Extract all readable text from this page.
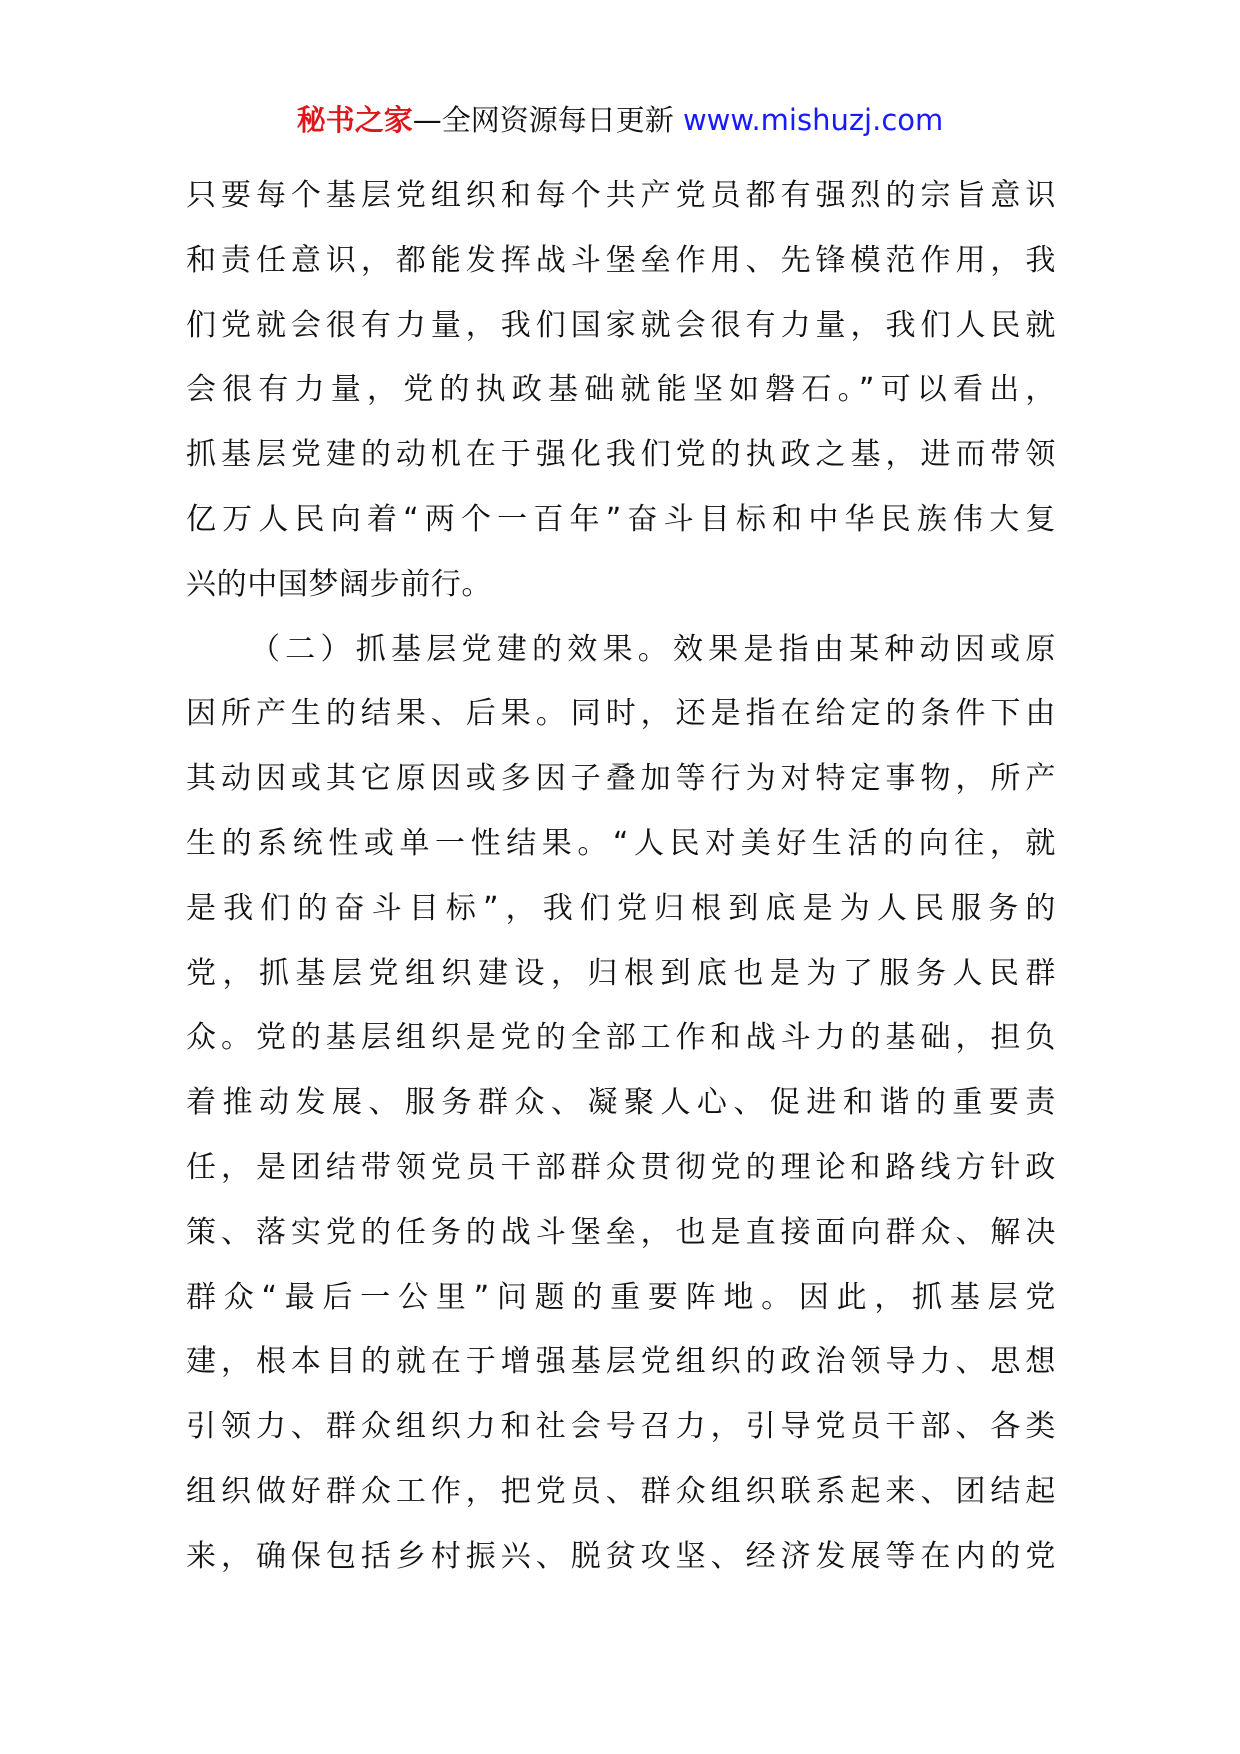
秘书之家—全网资源每日更新 www.mishuzj.com
只要每个基层党组织和每个共产党员都有强烈的宗旨意识
和责任意识，都能发挥战斗堡垒作用、先锋模范作用，我
们党就会很有力量，我们国家就会很有力量，我们人民就
会很有力量，党的执政基础就能坚如磐石。”可以看出，
抓基层党建的动机在于强化我们党的执政之基，进而带领
亿万人民向着“两个一百年”奋斗目标和中华民族伟大复
兴的中国梦阔步前行。
（二）抓基层党建的效果。效果是指由某种动因或原
因所产生的结果、后果。同时，还是指在给定的条件下由
其动因或其它原因或多因子叠加等行为对特定事物，所产
生的系统性或单一性结果。“人民对美好生活的向往，就
是我们的奋斗目标”，我们党归根到底是为人民服务的
党，抓基层党组织建设，归根到底也是为了服务人民群
众。党的基层组织是党的全部工作和战斗力的基础，担负
着推动发展、服务群众、凝聚人心、促进和谐的重要责
任，是团结带领党员干部群众贯彻党的理论和路线方针政
策、落实党的任务的战斗堡垒，也是直接面向群众、解决
群众“最后一公里”问题的重要阵地。因此，抓基层党
建，根本目的就在于增强基层党组织的政治领导力、思想
引领力、群众组织力和社会号召力，引导党员干部、各类
组织做好群众工作，把党员、群众组织联系起来、团结起
来，确保包括乡村振兴、脱贫攻坚、经济发展等在内的党
